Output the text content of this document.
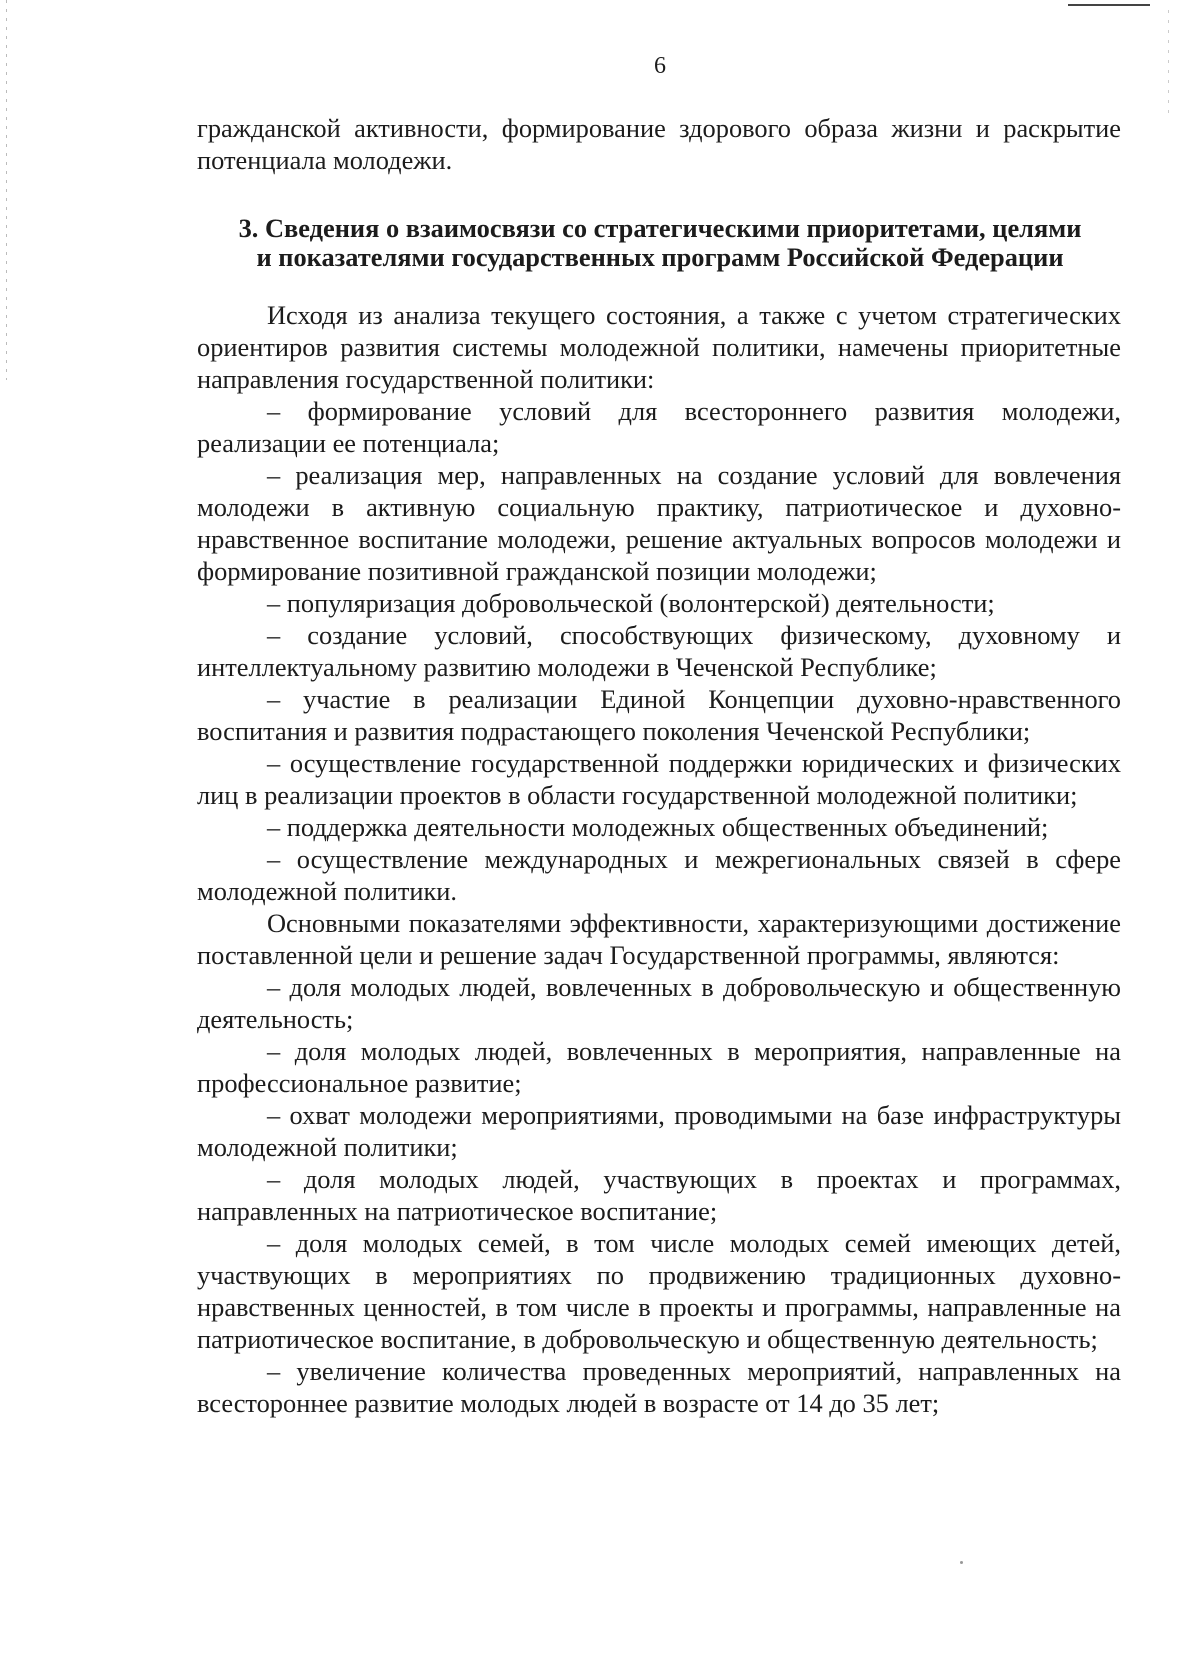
6

гражданской активности, формирование здорового образа жизни и раскрытие потенциала молодежи.

3. Сведения о взаимосвязи со стратегическими приоритетами, целями
и показателями государственных программ Российской Федерации

Исходя из анализа текущего состояния, а также с учетом стратегических ориентиров развития системы молодежной политики, намечены приоритетные направления государственной политики:

– формирование условий для всестороннего развития молодежи, реализации ее потенциала;

– реализация мер, направленных на создание условий для вовлечения молодежи в активную социальную практику, патриотическое и духовно-нравственное воспитание молодежи, решение актуальных вопросов молодежи и формирование позитивной гражданской позиции молодежи;

– популяризация добровольческой (волонтерской) деятельности;

– создание условий, способствующих физическому, духовному и интеллектуальному развитию молодежи в Чеченской Республике;

– участие в реализации Единой Концепции духовно-нравственного воспитания и развития подрастающего поколения Чеченской Республики;

– осуществление государственной поддержки юридических и физических лиц в реализации проектов в области государственной молодежной политики;

– поддержка деятельности молодежных общественных объединений;

– осуществление международных и межрегиональных связей в сфере молодежной политики.

Основными показателями эффективности, характеризующими достижение поставленной цели и решение задач Государственной программы, являются:

– доля молодых людей, вовлеченных в добровольческую и общественную деятельность;

– доля молодых людей, вовлеченных в мероприятия, направленные на профессиональное развитие;

– охват молодежи мероприятиями, проводимыми на базе инфраструктуры молодежной политики;

– доля молодых людей, участвующих в проектах и программах, направленных на патриотическое воспитание;

– доля молодых семей, в том числе молодых семей имеющих детей, участвующих в мероприятиях по продвижению традиционных духовно-нравственных ценностей, в том числе в проекты и программы, направленные на патриотическое воспитание, в добровольческую и общественную деятельность;

– увеличение количества проведенных мероприятий, направленных на всестороннее развитие молодых людей в возрасте от 14 до 35 лет;
